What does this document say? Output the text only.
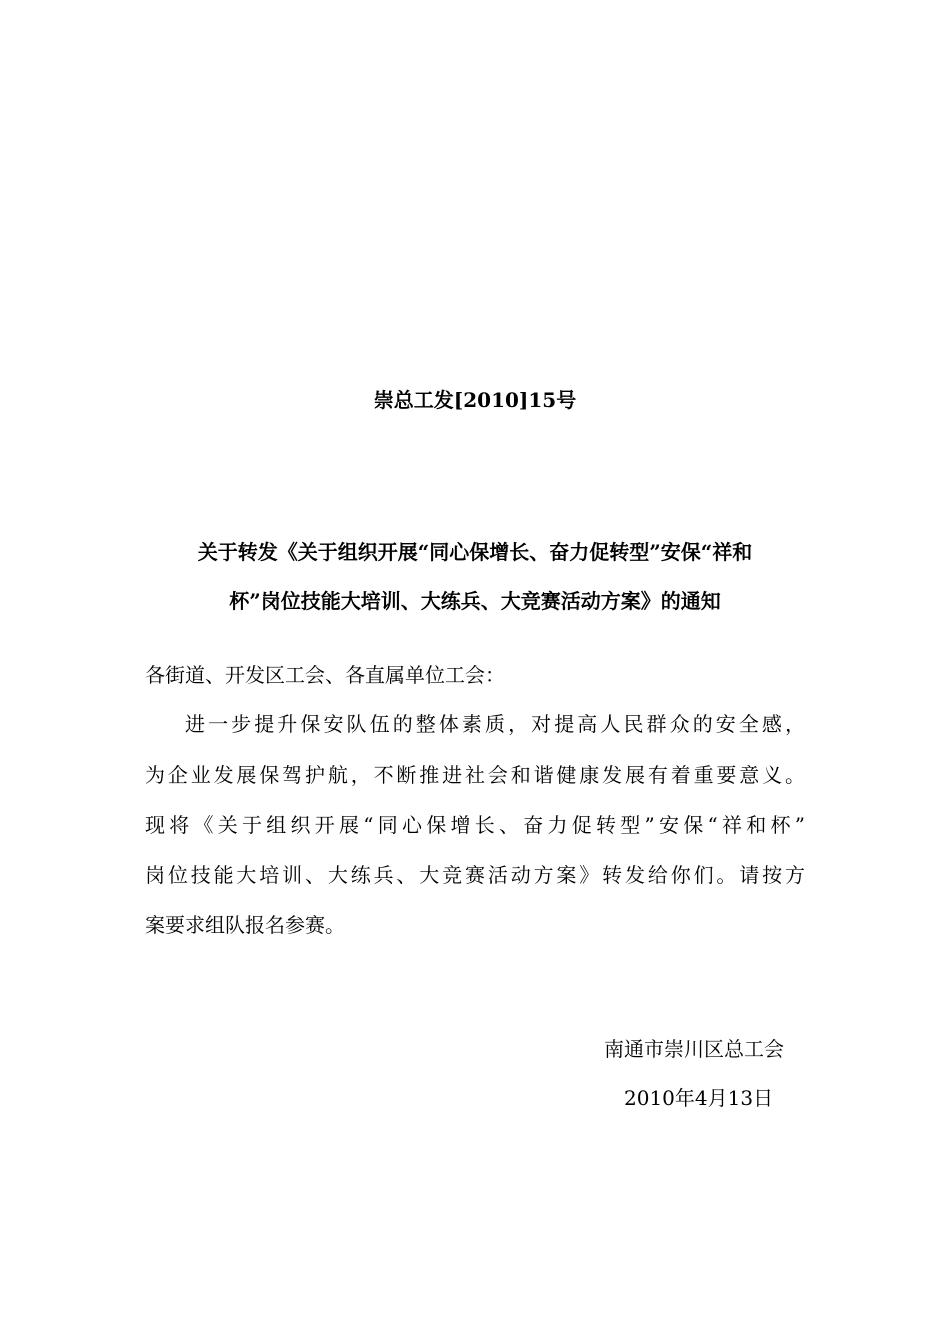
崇总工发[2010]15号
关于转发《关于组织开展“同心保增长、奋力促转型”安保“祥和
杯”岗位技能大培训、大练兵、大竞赛活动方案》的通知
各街道、开发区工会、各直属单位工会：
进一步提升保安队伍的整体素质，对提高人民群众的安全感，
为企业发展保驾护航，不断推进社会和谐健康发展有着重要意义。
现将《关于组织开展“同心保增长、奋力促转型”安保“祥和杯”
岗位技能大培训、大练兵、大竞赛活动方案》转发给你们。请按方
案要求组队报名参赛。
南通市崇川区总工会
2010年4月13日
